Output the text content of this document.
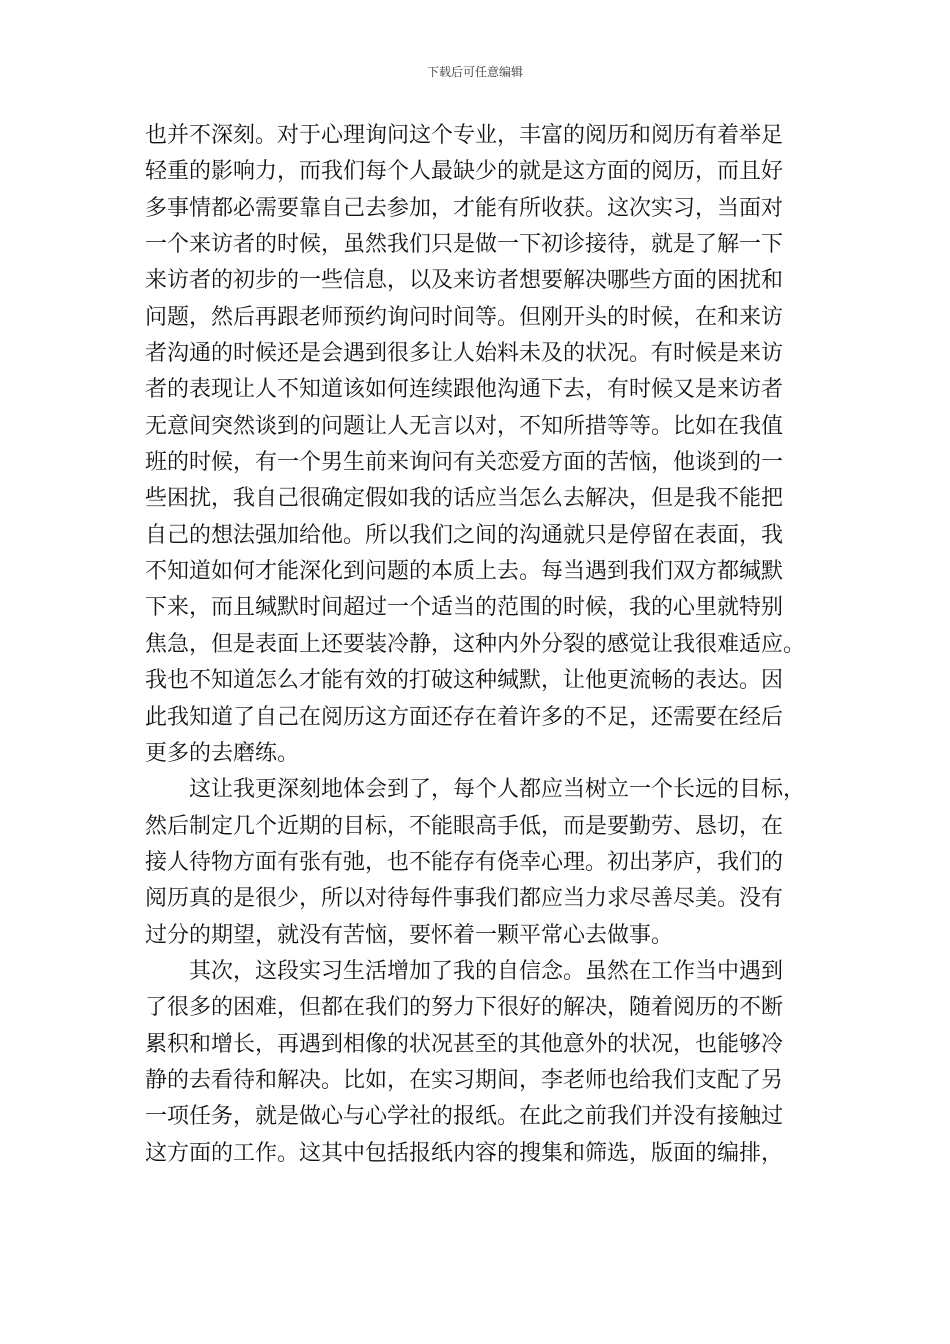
下载后可任意编辑
也并不深刻。对于心理询问这个专业，丰富的阅历和阅历有着举足
轻重的影响力，而我们每个人最缺少的就是这方面的阅历，而且好
多事情都必需要靠自己去参加，才能有所收获。这次实习，当面对
一个来访者的时候，虽然我们只是做一下初诊接待，就是了解一下
来访者的初步的一些信息，以及来访者想要解决哪些方面的困扰和
问题，然后再跟老师预约询问时间等。但刚开头的时候，在和来访
者沟通的时候还是会遇到很多让人始料未及的状况。有时候是来访
者的表现让人不知道该如何连续跟他沟通下去，有时候又是来访者
无意间突然谈到的问题让人无言以对，不知所措等等。比如在我值
班的时候，有一个男生前来询问有关恋爱方面的苦恼，他谈到的一
些困扰，我自己很确定假如我的话应当怎么去解决，但是我不能把
自己的想法强加给他。所以我们之间的沟通就只是停留在表面，我
不知道如何才能深化到问题的本质上去。每当遇到我们双方都缄默
下来，而且缄默时间超过一个适当的范围的时候，我的心里就特别
焦急，但是表面上还要装冷静，这种内外分裂的感觉让我很难适应。
我也不知道怎么才能有效的打破这种缄默，让他更流畅的表达。因
此我知道了自己在阅历这方面还存在着许多的不足，还需要在经后
更多的去磨练。
　　这让我更深刻地体会到了，每个人都应当树立一个长远的目标，
然后制定几个近期的目标，不能眼高手低，而是要勤劳、恳切，在
接人待物方面有张有弛，也不能存有侥幸心理。初出茅庐，我们的
阅历真的是很少，所以对待每件事我们都应当力求尽善尽美。没有
过分的期望，就没有苦恼，要怀着一颗平常心去做事。
　　其次，这段实习生活增加了我的自信念。虽然在工作当中遇到
了很多的困难，但都在我们的努力下很好的解决，随着阅历的不断
累积和增长，再遇到相像的状况甚至的其他意外的状况，也能够冷
静的去看待和解决。比如，在实习期间，李老师也给我们支配了另
一项任务，就是做心与心学社的报纸。在此之前我们并没有接触过
这方面的工作。这其中包括报纸内容的搜集和筛选，版面的编排，
